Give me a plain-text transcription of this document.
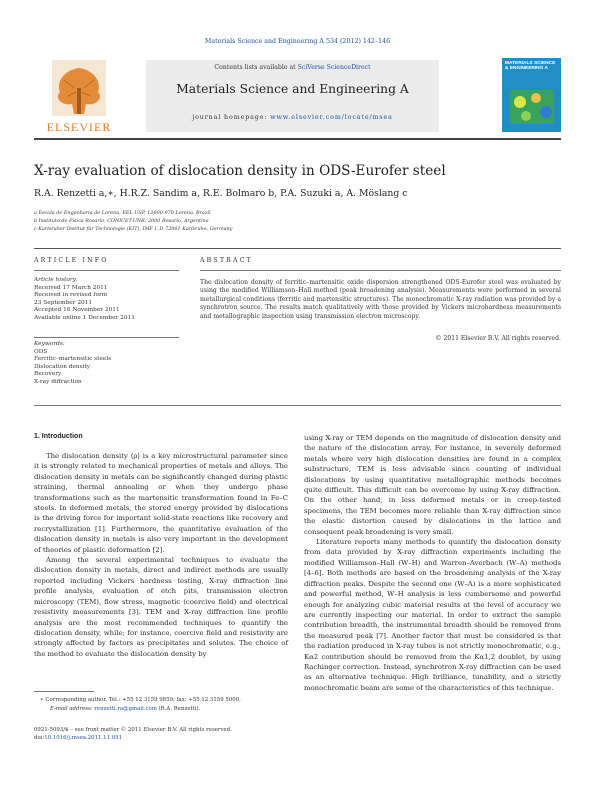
Materials Science and Engineering A 534 (2012) 142–146
ELSEVIER
Contents lists available at SciVerse ScienceDirect
Materials Science and Engineering A
journal homepage: www.elsevier.com/locate/msea
MATERIALS SCIENCE & ENGINEERING A
X-ray evaluation of dislocation density in ODS-Eurofer steel
R.A. Renzetti a,∗, H.R.Z. Sandim a, R.E. Bolmaro b, P.A. Suzuki a, A. Möslang c
a Escola de Engenharia de Lorena, EEL-USP, 12600-970 Lorena, Brazil
b Instituto de Física Rosario, CONICET-UNR, 2000 Rosario, Argentina
c Karlsruher Institut für Technologie (KIT), IMF I, D-72061 Karlsruhe, Germany
ARTICLE INFO
Article history:
Received 17 March 2011
Received in revised form
23 September 2011
Accepted 16 November 2011
Available online 1 December 2011
Keywords:
ODS
Ferritic–martensitic steels
Dislocation density
Recovery
X-ray diffraction
ABSTRACT
The dislocation density of ferritic–martensitic oxide dispersion strengthened ODS-Eurofer steel was evaluated by using the modified Williamson–Hall method (peak broadening analysis). Measurements were performed in several metallurgical conditions (ferritic and martensitic structures). The monochromatic X-ray radiation was provided by a synchrotron source. The results match qualitatively with those provided by Vickers microhardness measurements and metallographic inspection using transmission electron microscopy.
© 2011 Elsevier B.V. All rights reserved.
1. Introduction

The dislocation density ⟨ρ⟩ is a key microstructural parameter since it is strongly related to mechanical properties of metals and alloys. The dislocation density in metals can be significantly changed during plastic straining, thermal annealing or when they undergo phase transformations such as the martensitic transformation found in Fe–C steels. In deformed metals, the stored energy provided by dislocations is the driving force for important solid-state reactions like recovery and recrystallization [1]. Furthermore, the quantitative evaluation of the dislocation density in metals is also very important in the development of theories of plastic deformation [2].

Among the several experimental techniques to evaluate the dislocation density in metals, direct and indirect methods are usually reported including Vickers hardness testing, X-ray diffraction line profile analysis, evaluation of etch pits, transmission electron microscopy (TEM), flow stress, magnetic (coercive field) and electrical resistivity measurements [3]. TEM and X-ray diffraction line profile analysis are the most recommended techniques to quantify the dislocation density, while; for instance, coercive field and resistivity are strongly affected by factors as precipitates and solutes. The choice of the method to evaluate the dislocation density by

using X-ray or TEM depends on the magnitude of dislocation density and the nature of the dislocation array. For instance, in severely deformed metals where very high dislocation densities are found in a complex substructure, TEM is less advisable since counting of individual dislocations by using quantitative metallographic methods becomes quite difficult. This difficult can be overcome by using X-ray diffraction. On the other hand, in less deformed metals or in creep-tested specimens, the TEM becomes more reliable than X-ray diffraction since the elastic distortion caused by dislocations in the lattice and consequent peak broadening is very small.

Literature reports many methods to quantify the dislocation density from data provided by X-ray diffraction experiments including the modified Williamson–Hall (W–H) and Warren–Averbach (W–A) methods [4–6]. Both methods are based on the broadening analysis of the X-ray diffraction peaks. Despite the second one (W–A) is a more sophisticated and powerful method, W–H analysis is less cumbersome and powerful enough for analyzing cubic material results at the level of accuracy we are currently inspecting our material. In order to extract the sample contribution breadth, the instrumental breadth should be removed from the measured peak [7]. Another factor that must be considered is that the radiation produced in X-ray tubes is not strictly monochromatic, e.g., Kα2 contribution should be removed from the Kα1,2 doublet, by using Rachinger correction. Instead, synchrotron X-ray diffraction can be used as an alternative technique. High brilliance, tunability, and a strictly monochromatic beam are some of the characteristics of this technique.

∗ Corresponding author. Tel.: +55 12 3159 9859; fax: +55 12 3159 5000.
E-mail address: renzetti.ra@gmail.com (R.A. Renzetti).
0921-5093/$ – see front matter © 2011 Elsevier B.V. All rights reserved.
doi:10.1016/j.msea.2011.11.051
